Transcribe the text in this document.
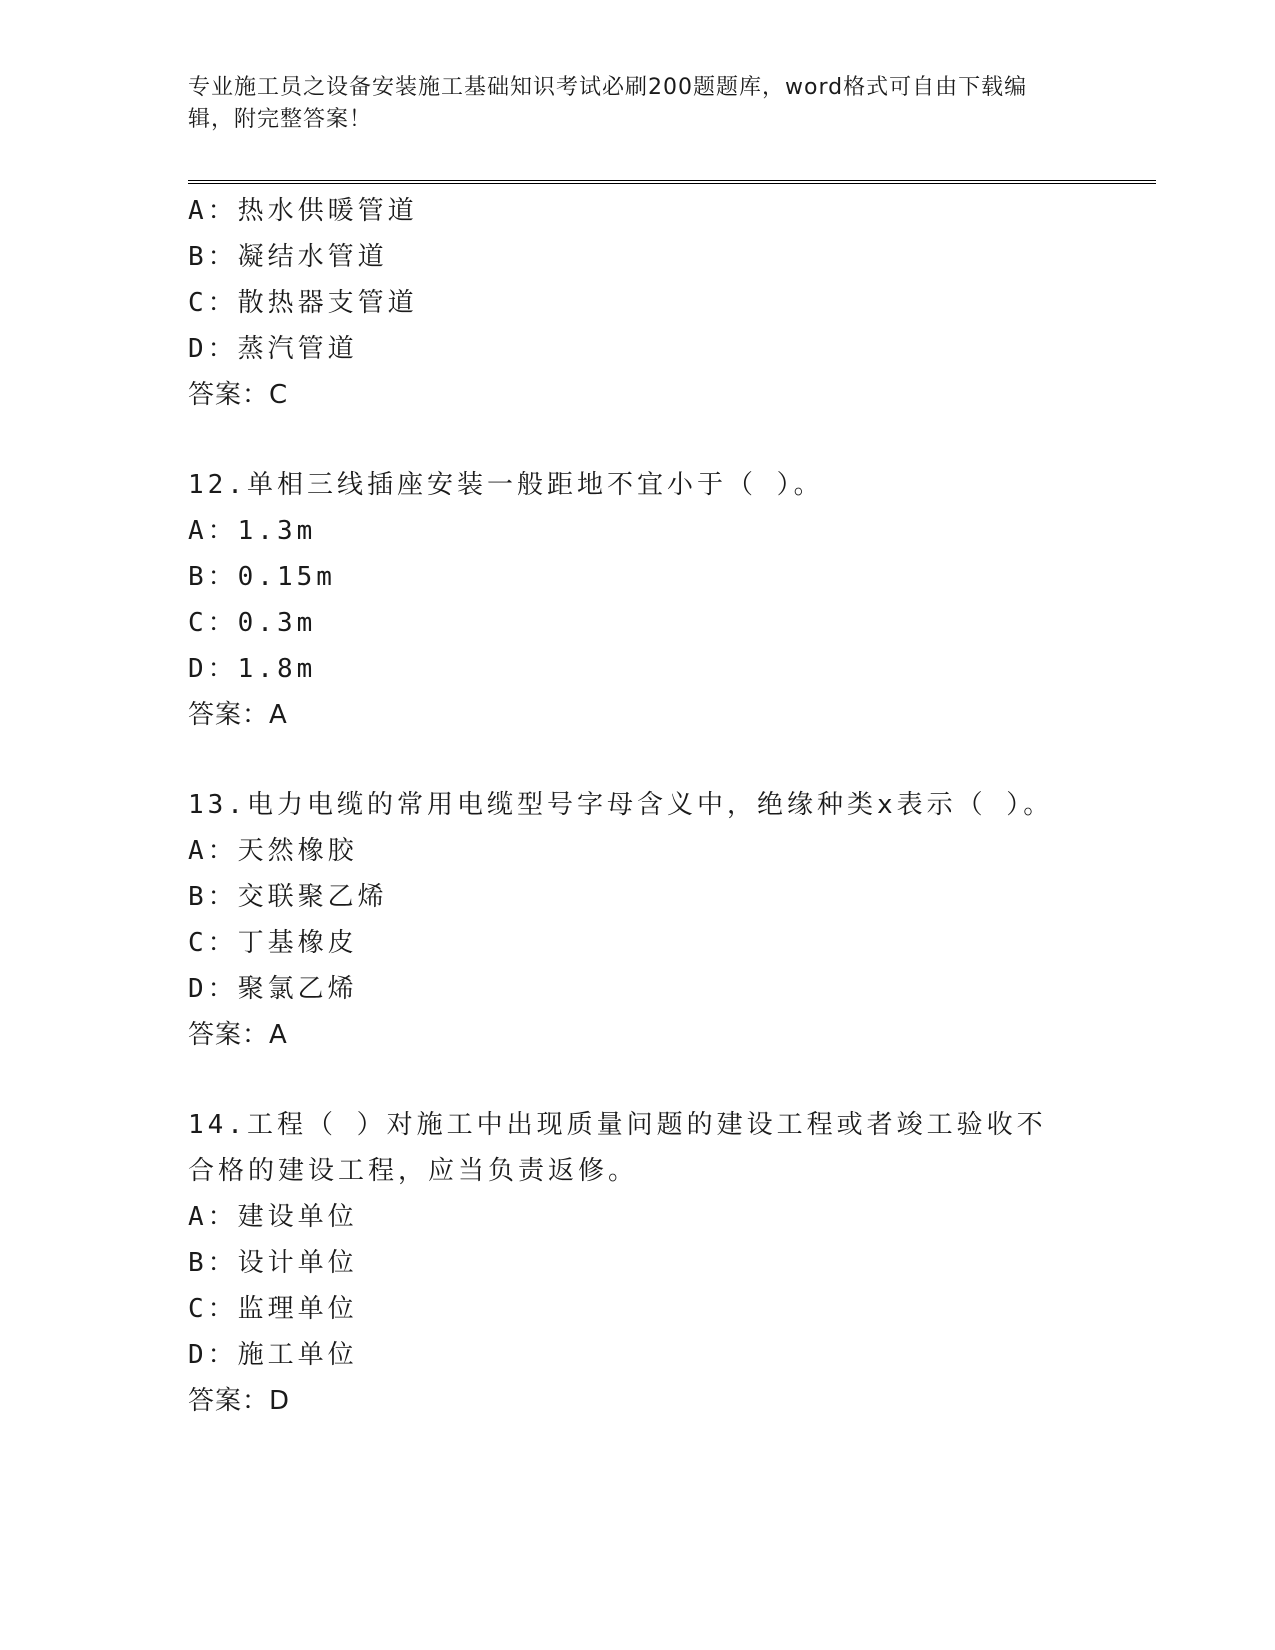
专业施工员之设备安装施工基础知识考试必刷200题题库，word格式可自由下载编辑，附完整答案！
A：热水供暖管道
B：凝结水管道
C：散热器支管道
D：蒸汽管道
答案：C
12.单相三线插座安装一般距地不宜小于（ ）。
A：1.3m
B：0.15m
C：0.3m
D：1.8m
答案：A
13.电力电缆的常用电缆型号字母含义中，绝缘种类x表示（ ）。
A：天然橡胶
B：交联聚乙烯
C：丁基橡皮
D：聚氯乙烯
答案：A
14.工程（ ）对施工中出现质量问题的建设工程或者竣工验收不合格的建设工程，应当负责返修。
A：建设单位
B：设计单位
C：监理单位
D：施工单位
答案：D
